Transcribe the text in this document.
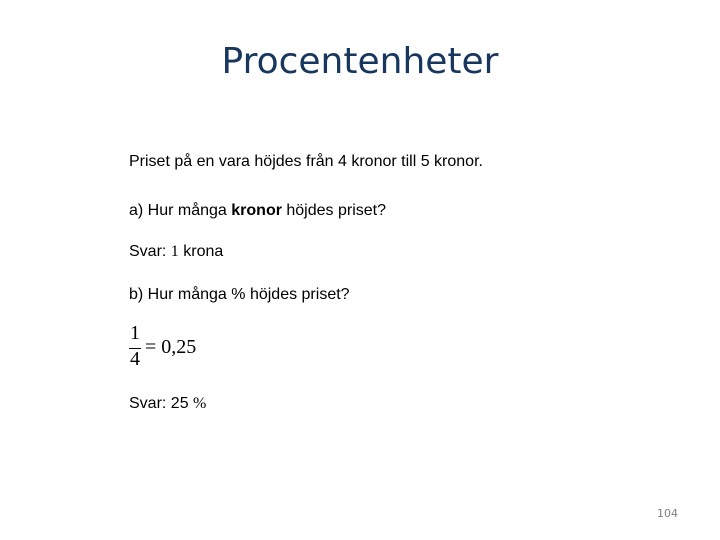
Procentenheter
Priset på en vara höjdes från 4 kronor till 5 kronor.
a) Hur många kronor höjdes priset?
Svar: 1 krona
b) Hur många % höjdes priset?
1
4
= 0,25
Svar: 25 %
104
